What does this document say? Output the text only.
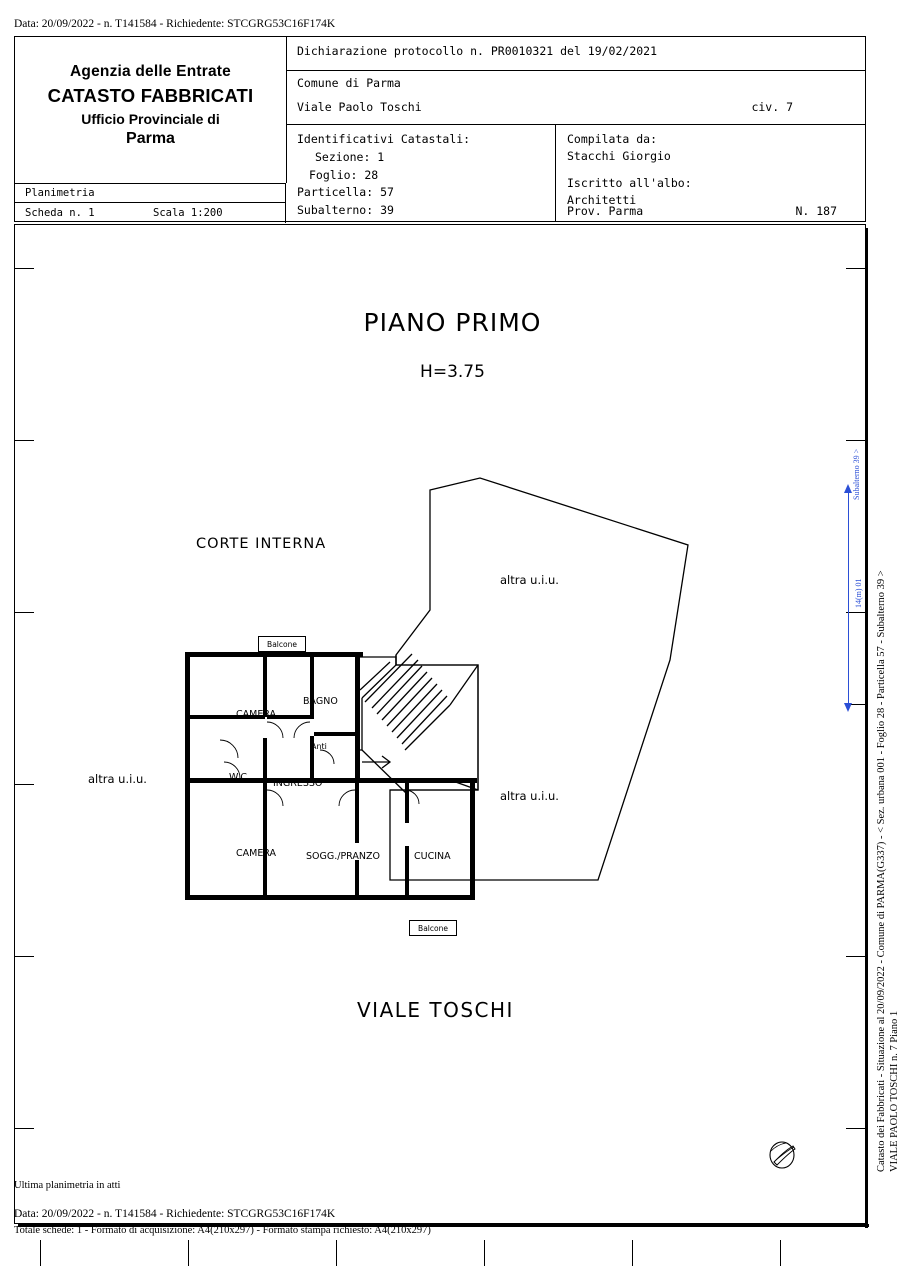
Data: 20/09/2022 - n. T141584 - Richiedente: STCGRG53C16F174K
Agenzia delle Entrate
CATASTO FABBRICATI
Ufficio Provinciale di
Parma
Planimetria
Scheda n. 1	Scala 1:200
Dichiarazione protocollo n. PR0010321 del 19/02/2021
Comune di Parma
Viale Paolo Toschi	civ. 7
Identificativi Catastali:
Sezione: 1
Foglio: 28
Particella: 57
Subalterno: 39
Compilata da:
Stacchi Giorgio
Iscritto all'albo:
Architetti
Prov. Parma	N. 187
PIANO PRIMO
H=3.75
CORTE INTERNA
altra u.i.u.
altra u.i.u.
altra u.i.u.
VIALE TOSCHI
CAMERA
BAGNO
Anti
W.C.
INGRESSO
CAMERA	SOGG./PRANZO	CUCINA
Balcone
Balcone
14(m) 01
Subalterno 39 >
Catasto dei Fabbricati - Situazione al 20/09/2022 - Comune di PARMA(G337) - < Sez. urbana 001 - Foglio 28 - Particella 57 - Subalterno 39 > VIALE PAOLO TOSCHI n. 7 Piano 1
Ultima planimetria in atti
Data: 20/09/2022 - n. T141584 - Richiedente: STCGRG53C16F174K
Totale schede: 1 - Formato di acquisizione: A4(210x297) - Formato stampa richiesto: A4(210x297)
